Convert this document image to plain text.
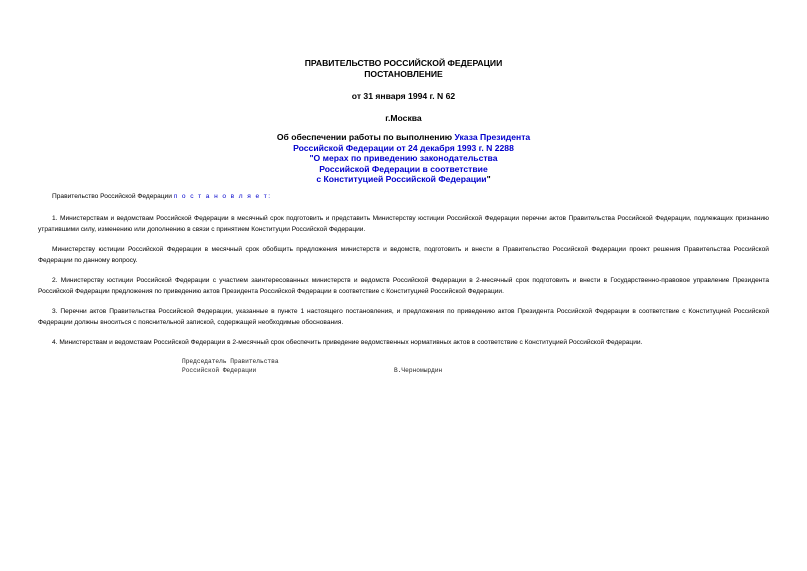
ПРАВИТЕЛЬСТВО РОССИЙСКОЙ ФЕДЕРАЦИИ
ПОСТАНОВЛЕНИЕ
от 31 января 1994 г. N 62
г.Москва
Об обеспечении работы по выполнению Указа Президента
Российской Федерации от 24 декабря 1993 г. N 2288
"О мерах по приведению законодательства
Российской Федерации в соответствие
с Конституцией Российской Федерации"
Правительство Российской Федерации п о с т а н о в л я е т:
1. Министерствам и ведомствам Российской Федерации в месячный срок подготовить и представить Министерству юстиции Российской Федерации перечни актов Правительства Российской Федерации, подлежащих признанию утратившими силу, изменению или дополнению в связи с принятием Конституции Российской Федерации.
Министерству юстиции Российской Федерации в месячный срок обобщить предложения министерств и ведомств, подготовить и внести в Правительство Российской Федерации проект решения Правительства Российской Федерации по данному вопросу.
2. Министерству юстиции Российской Федерации с участием заинтересованных министерств и ведомств Российской Федерации в 2-месячный срок подготовить и внести в Государственно-правовое управление Президента Российской Федерации предложения по приведению актов Президента Российской Федерации в соответствие с Конституцией Российской Федерации.
3. Перечни актов Правительства Российской Федерации, указанные в пункте 1 настоящего постановления, и предложения по приведению актов Президента Российской Федерации в соответствие с Конституцией Российской Федерации должны вноситься с пояснительной запиской, содержащей необходимые обоснования.
4. Министерствам и ведомствам Российской Федерации в 2-месячный срок обеспечить приведение ведомственных нормативных актов в соответствие с Конституцией Российской Федерации.
Председатель Правительства
Российской Федерации	В.Черномырдин
